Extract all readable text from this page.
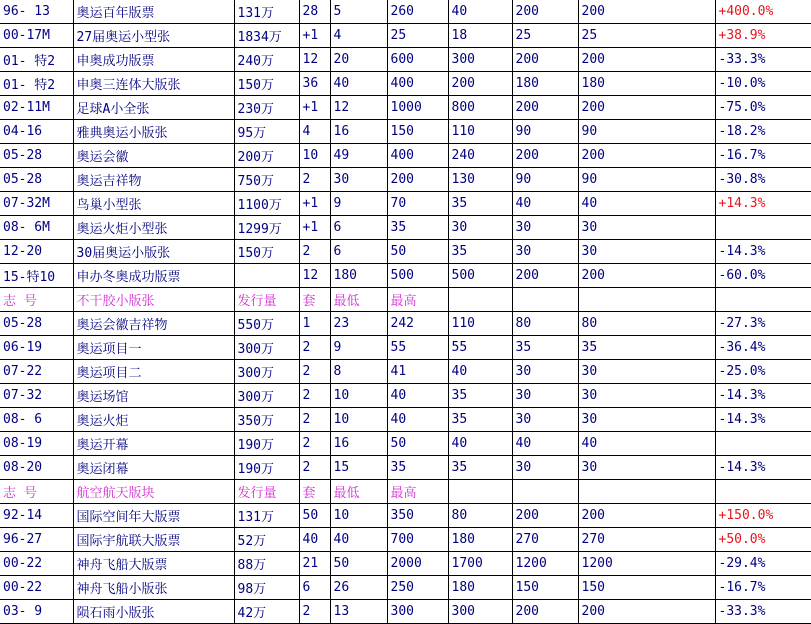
96- 13	奥运百年版票	131万	28	5	260	40	200	200	+400.0%
00-17M	27届奥运小型张	1834万	+1	4	25	18	25	25	+38.9%
01- 特2	申奥成功版票	240万	12	20	600	300	200	200	-33.3%
01- 特2	申奥三连体大版张	150万	36	40	400	200	180	180	-10.0%
02-11M	足球A小全张	230万	+1	12	1000	800	200	200	-75.0%
04-16	雅典奥运小版张	95万	4	16	150	110	90	90	-18.2%
05-28	奥运会徽	200万	10	49	400	240	200	200	-16.7%
05-28	奥运吉祥物	750万	2	30	200	130	90	90	-30.8%
07-32M	鸟巢小型张	1100万	+1	9	70	35	40	40	+14.3%
08- 6M	奥运火炬小型张	1299万	+1	6	35	30	30	30	
12-20	30届奥运小版张	150万	2	6	50	35	30	30	-14.3%
15-特10	申办冬奥成功版票		12	180	500	500	200	200	-60.0%
志 号	不干胶小版张	发行量	套	最低	最高				
05-28	奥运会徽吉祥物	550万	1	23	242	110	80	80	-27.3%
06-19	奥运项目一	300万	2	9	55	55	35	35	-36.4%
07-22	奥运项目二	300万	2	8	41	40	30	30	-25.0%
07-32	奥运场馆	300万	2	10	40	35	30	30	-14.3%
08- 6	奥运火炬	350万	2	10	40	35	30	30	-14.3%
08-19	奥运开幕	190万	2	16	50	40	40	40	
08-20	奥运闭幕	190万	2	15	35	35	30	30	-14.3%
志 号	航空航天版块	发行量	套	最低	最高				
92-14	国际空间年大版票	131万	50	10	350	80	200	200	+150.0%
96-27	国际宇航联大版票	52万	40	40	700	180	270	270	+50.0%
00-22	神舟飞船大版票	88万	21	50	2000	1700	1200	1200	-29.4%
00-22	神舟飞船小版张	98万	6	26	250	180	150	150	-16.7%
03- 9	陨石雨小版张	42万	2	13	300	300	200	200	-33.3%
